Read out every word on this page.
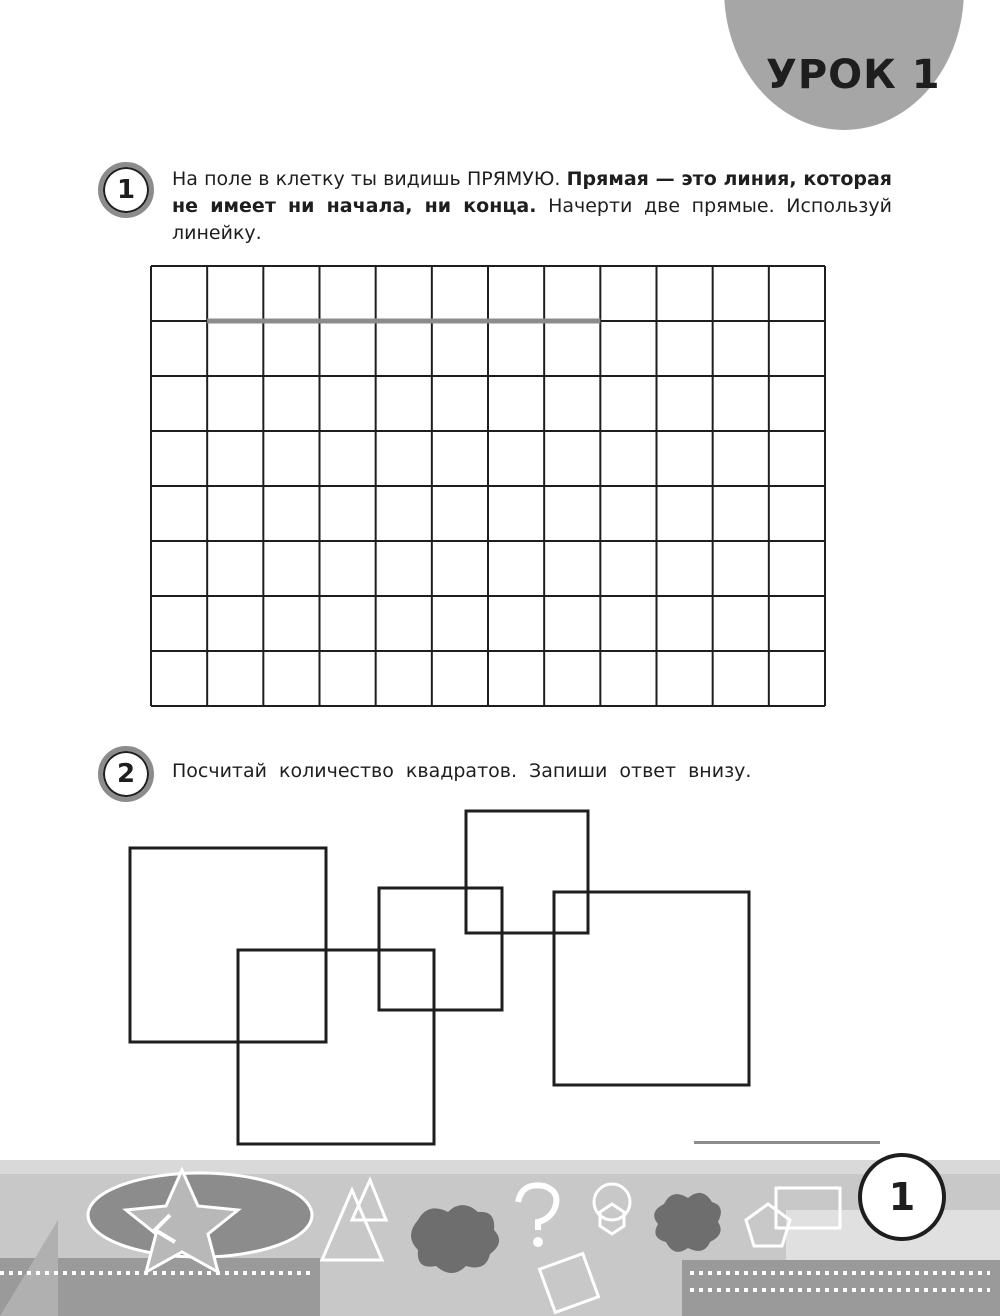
УРОК 1
1	На поле в клетку ты видишь ПРЯМУЮ. Прямая — это линия, которая не имеет ни начала, ни конца. Начерти две прямые. Используй линейку.
2	Посчитай количество квадратов. Запиши ответ внизу.
1
